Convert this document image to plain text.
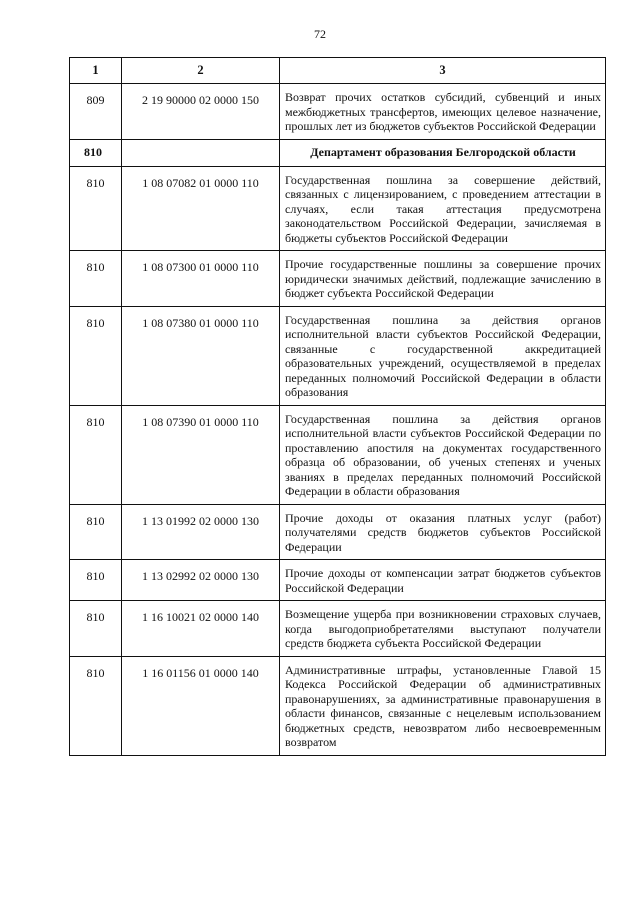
72
1	2	3
809	2 19 90000 02 0000 150	Возврат прочих остатков субсидий, субвенций и иных межбюджетных трансфертов, имеющих целевое назначение, прошлых лет из бюджетов субъектов Российской Федерации
810		Департамент образования Белгородской области
810	1 08 07082 01 0000 110	Государственная пошлина за совершение действий, связанных с лицензированием, с проведением аттестации в случаях, если такая аттестация предусмотрена законодательством Российской Федерации, зачисляемая в бюджеты субъектов Российской Федерации
810	1 08 07300 01 0000 110	Прочие государственные пошлины за совершение прочих юридически значимых действий, подлежащие зачислению в бюджет субъекта Российской Федерации
810	1 08 07380 01 0000 110	Государственная пошлина за действия органов исполнительной власти субъектов Российской Федерации, связанные с государственной аккредитацией образовательных учреждений, осуществляемой в пределах переданных полномочий Российской Федерации в области образования
810	1 08 07390 01 0000 110	Государственная пошлина за действия органов исполнительной власти субъектов Российской Федерации по проставлению апостиля на документах государственного образца об образовании, об ученых степенях и ученых званиях в пределах переданных полномочий Российской Федерации в области образования
810	1 13 01992 02 0000 130	Прочие доходы от оказания платных услуг (работ) получателями средств бюджетов субъектов Российской Федерации
810	1 13 02992 02 0000 130	Прочие доходы от компенсации затрат бюджетов субъектов Российской Федерации
810	1 16 10021 02 0000 140	Возмещение ущерба при возникновении страховых случаев, когда выгодоприобретателями выступают получатели средств бюджета субъекта Российской Федерации
810	1 16 01156 01 0000 140	Административные штрафы, установленные Главой 15 Кодекса Российской Федерации об административных правонарушениях, за административные правонарушения в области финансов, связанные с нецелевым использованием бюджетных средств, невозвратом либо несвоевременным возвратом
